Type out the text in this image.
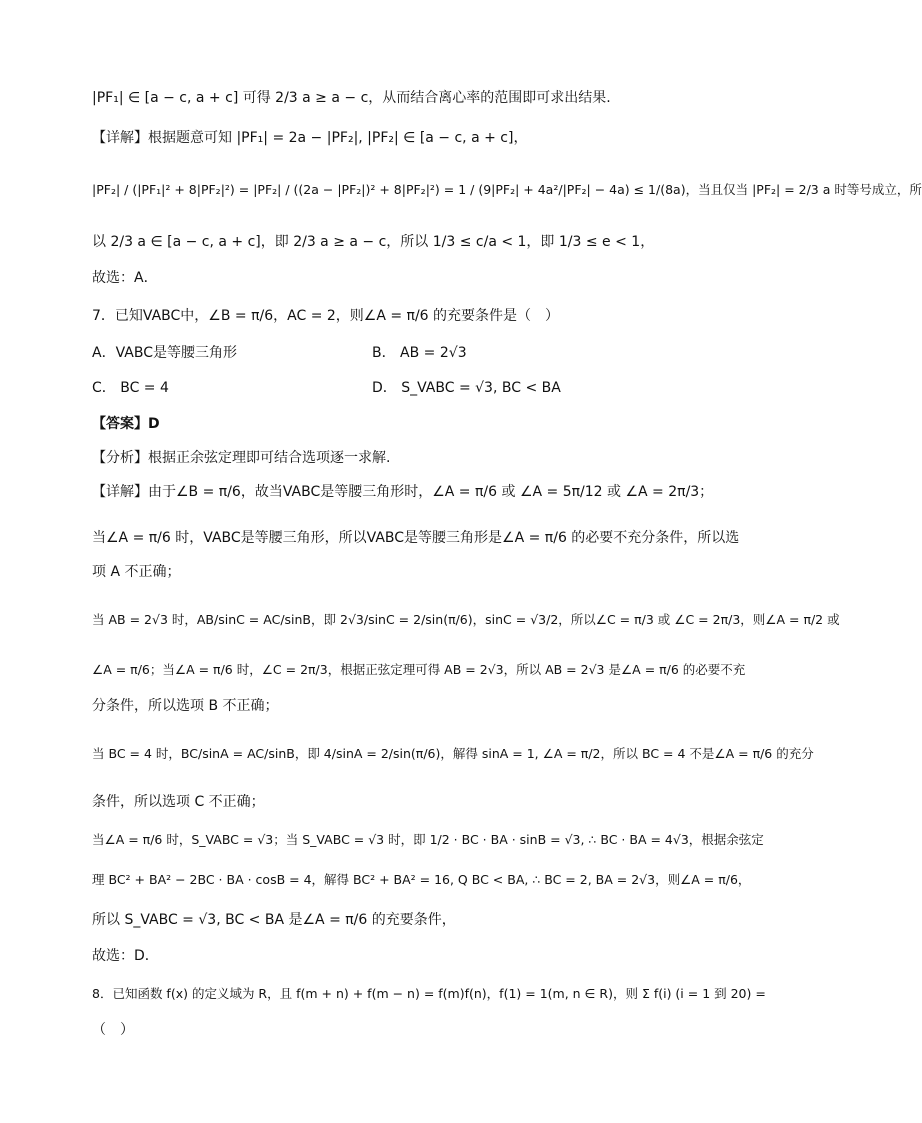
|PF₁| ∈ [a − c, a + c] 可得 2/3 a ≥ a − c，从而结合离心率的范围即可求出结果.
【详解】根据题意可知 |PF₁| = 2a − |PF₂|, |PF₂| ∈ [a − c, a + c]，
|PF₂| / (|PF₁|² + 8|PF₂|²) = |PF₂| / ((2a − |PF₂|)² + 8|PF₂|²) = 1 / (9|PF₂| + 4a²/|PF₂| − 4a) ≤ 1/(8a)，当且仅当 |PF₂| = 2/3 a 时等号成立，所
以 2/3 a ∈ [a − c, a + c]，即 2/3 a ≥ a − c，所以 1/3 ≤ c/a < 1，即 1/3 ≤ e < 1，
故选：A．
7．已知VABC中，∠B = π/6，AC = 2，则∠A = π/6 的充要条件是（　）
A．VABC是等腰三角形	B． AB = 2√3
C． BC = 4	D． S_VABC = √3, BC < BA
【答案】D
【分析】根据正余弦定理即可结合选项逐一求解.
【详解】由于∠B = π/6，故当VABC是等腰三角形时，∠A = π/6 或 ∠A = 5π/12 或 ∠A = 2π/3；
当∠A = π/6 时，VABC是等腰三角形，所以VABC是等腰三角形是∠A = π/6 的必要不充分条件，所以选
项 A 不正确；
当 AB = 2√3 时，AB/sinC = AC/sinB，即 2√3/sinC = 2/sin(π/6)，sinC = √3/2，所以∠C = π/3 或 ∠C = 2π/3，则∠A = π/2 或
∠A = π/6；当∠A = π/6 时，∠C = 2π/3，根据正弦定理可得 AB = 2√3，所以 AB = 2√3 是∠A = π/6 的必要不充
分条件，所以选项 B 不正确；
当 BC = 4 时，BC/sinA = AC/sinB，即 4/sinA = 2/sin(π/6)，解得 sinA = 1, ∠A = π/2，所以 BC = 4 不是∠A = π/6 的充分
条件，所以选项 C 不正确；
当∠A = π/6 时，S_VABC = √3；当 S_VABC = √3 时，即 1/2 · BC · BA · sinB = √3, ∴ BC · BA = 4√3，根据余弦定
理 BC² + BA² − 2BC · BA · cosB = 4，解得 BC² + BA² = 16, Q BC < BA, ∴ BC = 2, BA = 2√3，则∠A = π/6，
所以 S_VABC = √3, BC < BA 是∠A = π/6 的充要条件，
故选：D．
8．已知函数 f(x) 的定义域为 R，且 f(m + n) + f(m − n) = f(m)f(n)，f(1) = 1(m, n ∈ R)，则 Σ f(i) (i = 1 到 20) =
（　）
